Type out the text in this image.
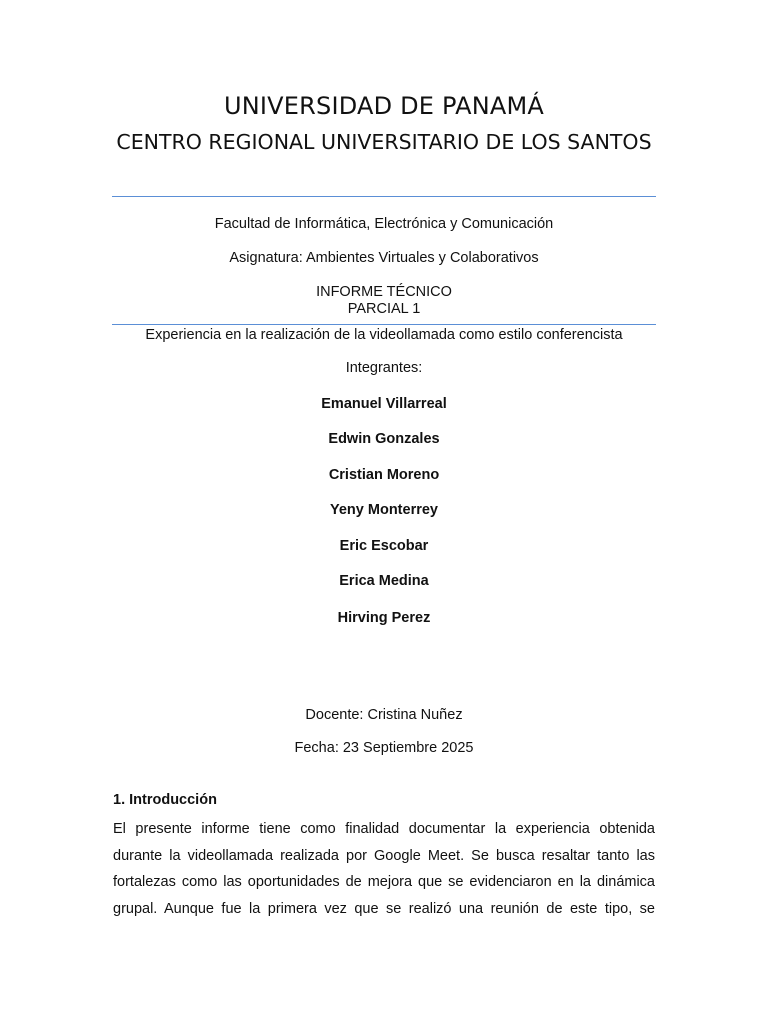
UNIVERSIDAD DE PANAMÁ
CENTRO REGIONAL UNIVERSITARIO DE LOS SANTOS
Facultad de Informática, Electrónica y Comunicación
Asignatura: Ambientes Virtuales y Colaborativos
INFORME TÉCNICO
PARCIAL 1
Experiencia en la realización de la videollamada como estilo conferencista
Integrantes:
Emanuel Villarreal
Edwin Gonzales
Cristian Moreno
Yeny Monterrey
Eric Escobar
Erica Medina
Hirving Perez
Docente: Cristina Nuñez
Fecha: 23 Septiembre 2025
1. Introducción
El presente informe tiene como finalidad documentar la experiencia obtenida
durante la videollamada realizada por Google Meet. Se busca resaltar tanto las
fortalezas como las oportunidades de mejora que se evidenciaron en la dinámica
grupal. Aunque fue la primera vez que se realizó una reunión de este tipo, se
